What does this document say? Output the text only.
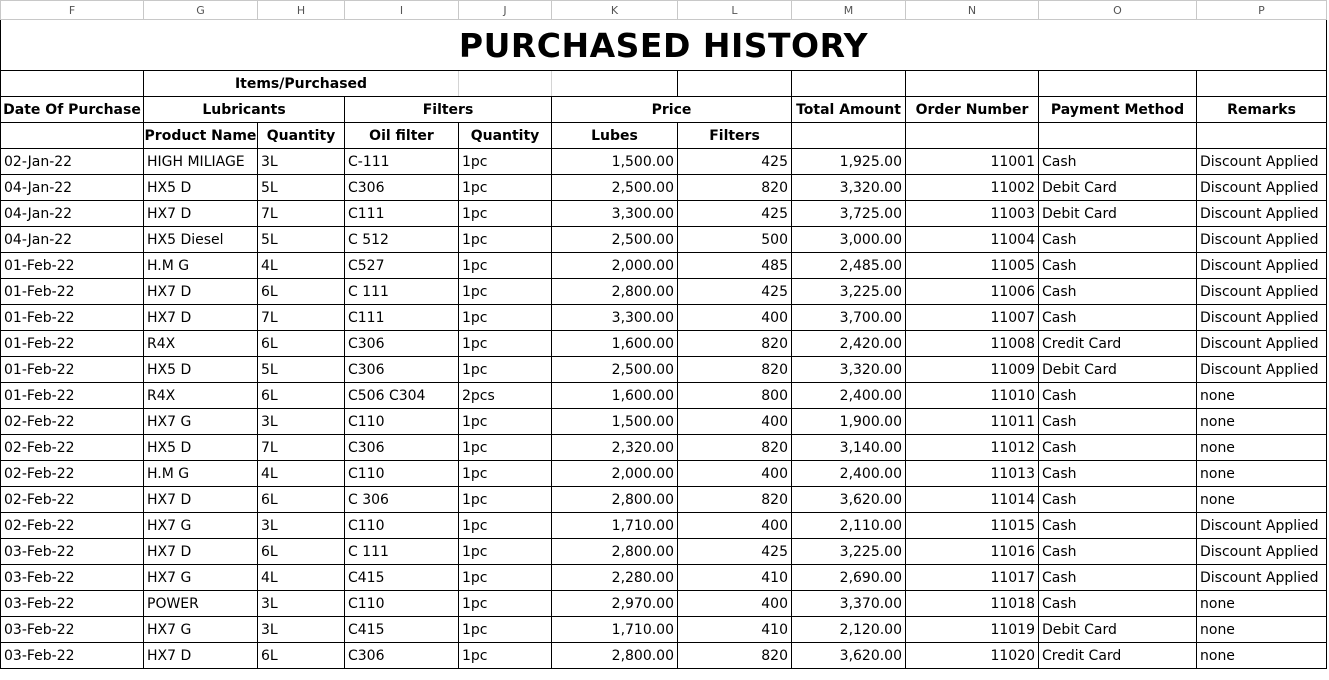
F	G	H	I	J	K	L	M	N	O	P
PURCHASED HISTORY										
	Items/Purchased									
Date Of Purchase	Lubricants		Filters		Price		Total Amount	Order Number	Payment Method	Remarks
	Product Name	Quantity	Oil filter	Quantity	Lubes	Filters				
02-Jan-22	HIGH MILIAGE	3L	C-111	1pc	1,500.00	425	1,925.00	11001	Cash	Discount Applied
04-Jan-22	HX5 D	5L	C306	1pc	2,500.00	820	3,320.00	11002	Debit Card	Discount Applied
04-Jan-22	HX7 D	7L	C111	1pc	3,300.00	425	3,725.00	11003	Debit Card	Discount Applied
04-Jan-22	HX5 Diesel	5L	C 512	1pc	2,500.00	500	3,000.00	11004	Cash	Discount Applied
01-Feb-22	H.M G	4L	C527	1pc	2,000.00	485	2,485.00	11005	Cash	Discount Applied
01-Feb-22	HX7 D	6L	C 111	1pc	2,800.00	425	3,225.00	11006	Cash	Discount Applied
01-Feb-22	HX7 D	7L	C111	1pc	3,300.00	400	3,700.00	11007	Cash	Discount Applied
01-Feb-22	R4X	6L	C306	1pc	1,600.00	820	2,420.00	11008	Credit Card	Discount Applied
01-Feb-22	HX5 D	5L	C306	1pc	2,500.00	820	3,320.00	11009	Debit Card	Discount Applied
01-Feb-22	R4X	6L	C506 C304	2pcs	1,600.00	800	2,400.00	11010	Cash	none
02-Feb-22	HX7 G	3L	C110	1pc	1,500.00	400	1,900.00	11011	Cash	none
02-Feb-22	HX5 D	7L	C306	1pc	2,320.00	820	3,140.00	11012	Cash	none
02-Feb-22	H.M G	4L	C110	1pc	2,000.00	400	2,400.00	11013	Cash	none
02-Feb-22	HX7 D	6L	C 306	1pc	2,800.00	820	3,620.00	11014	Cash	none
02-Feb-22	HX7 G	3L	C110	1pc	1,710.00	400	2,110.00	11015	Cash	Discount Applied
03-Feb-22	HX7 D	6L	C 111	1pc	2,800.00	425	3,225.00	11016	Cash	Discount Applied
03-Feb-22	HX7 G	4L	C415	1pc	2,280.00	410	2,690.00	11017	Cash	Discount Applied
03-Feb-22	POWER	3L	C110	1pc	2,970.00	400	3,370.00	11018	Cash	none
03-Feb-22	HX7 G	3L	C415	1pc	1,710.00	410	2,120.00	11019	Debit Card	none
03-Feb-22	HX7 D	6L	C306	1pc	2,800.00	820	3,620.00	11020	Credit Card	none
